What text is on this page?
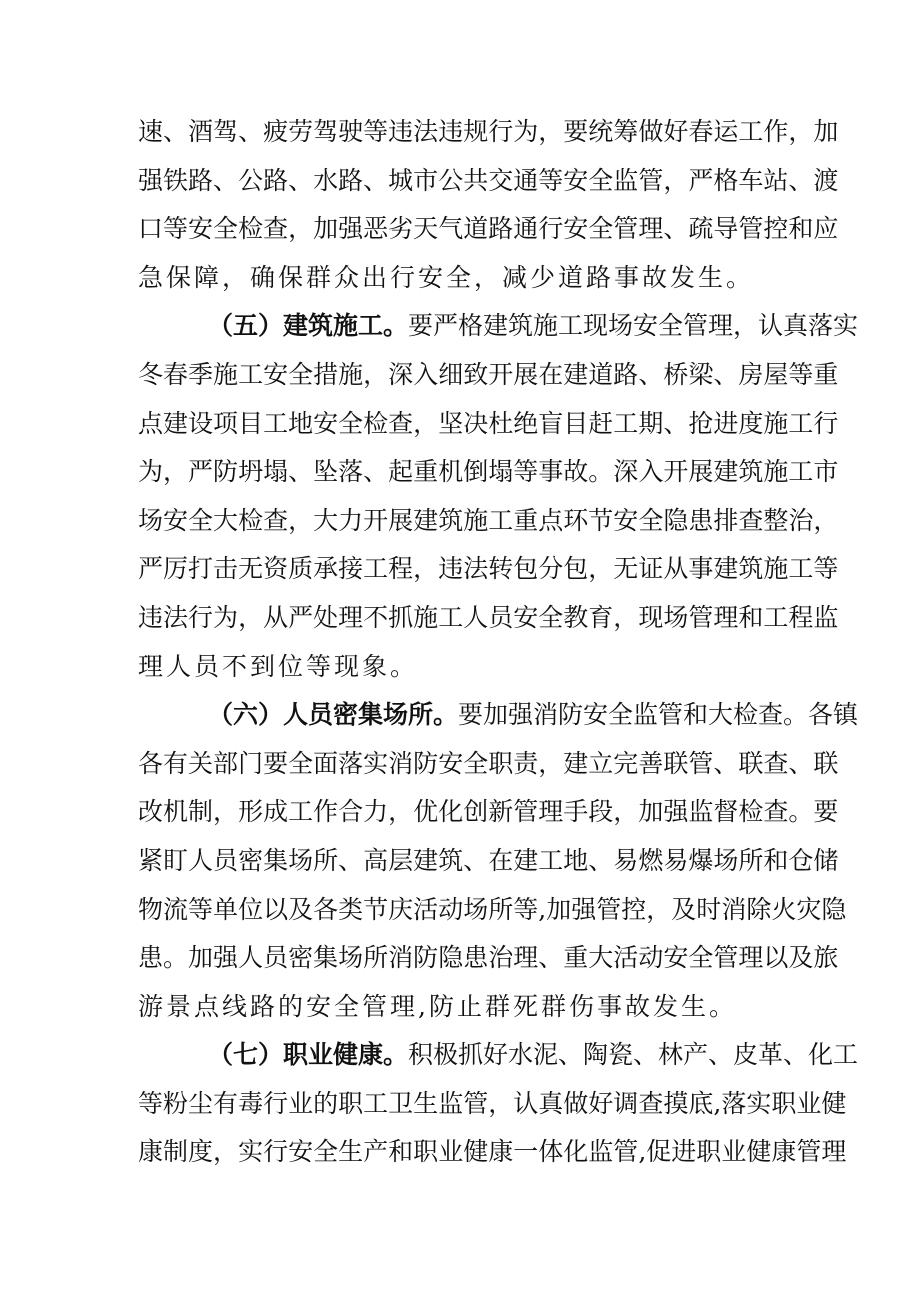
速 、 酒 驾 、 疲 劳 驾 驶 等 违 法 违 规 行 为 ， 要 统 筹 做 好 春 运 工 作 ， 加
强 铁 路 、 公 路 、 水 路 、 城 市 公 共 交 通 等 安 全 监 管 ， 严 格 车 站 、 渡
口 等 安 全 检 查 ， 加 强 恶 劣 天 气 道 路 通 行 安 全 管 理 、 疏 导 管 控 和 应
急保障，确保群众出行安全，减少道路事故发生。
（五）建筑施工。 要严格建筑施工现场安全管理，认真落实
冬 春 季 施 工 安 全 措 施 ， 深 入 细 致 开 展 在 建 道 路 、 桥 梁 、 房 屋 等 重
点 建 设 项 目 工 地 安 全 检 查 ， 坚 决 杜 绝 盲 目 赶 工 期 、 抢 进 度 施 工 行
为 ， 严 防 坍 塌 、 坠 落 、 起 重 机 倒 塌 等 事 故 。 深 入 开 展 建 筑 施 工 市
场 安 全 大 检 查 ， 大 力 开 展 建 筑 施 工 重 点 环 节 安 全 隐 患 排 查 整 治 ，
严 厉 打 击 无 资 质 承 接 工 程 ， 违 法 转 包 分 包 ， 无 证 从 事 建 筑 施 工 等
违 法 行 为 ， 从 严 处 理 不 抓 施 工 人 员 安 全 教 育 ， 现 场 管 理 和 工 程 监
理人员不到位等现象。
（六）人员密集场所。 要加强消防安全监管和大检查。各镇
各 有 关 部 门 要 全 面 落 实 消 防 安 全 职 责 ， 建 立 完 善 联 管 、 联 查 、 联
改 机 制 ， 形 成 工 作 合 力 ， 优 化 创 新 管 理 手 段 ， 加 强 监 督 检 查 。 要
紧 盯 人 员 密 集 场 所 、 高 层 建 筑 、 在 建 工 地 、 易 燃 易 爆 场 所 和 仓 储
物 流 等 单 位 以 及 各 类 节 庆 活 动 场 所 等 , 加 强 管 控 ， 及 时 消 除 火 灾 隐
患 。 加 强 人 员 密 集 场 所 消 防 隐 患 治 理 、 重 大 活 动 安 全 管 理 以 及 旅
游景点线路的安全管理,防止群死群伤事故发生。
（七）职业健康。 积极抓好水泥、陶瓷、林产、皮革、化工
等 粉 尘 有 毒 行 业 的 职 工 卫 生 监 管 ， 认 真 做 好 调 查 摸 底 , 落 实 职 业 健
康 制 度 ， 实 行 安 全 生 产 和 职 业 健 康 一 体 化 监 管 , 促 进 职 业 健 康 管 理
